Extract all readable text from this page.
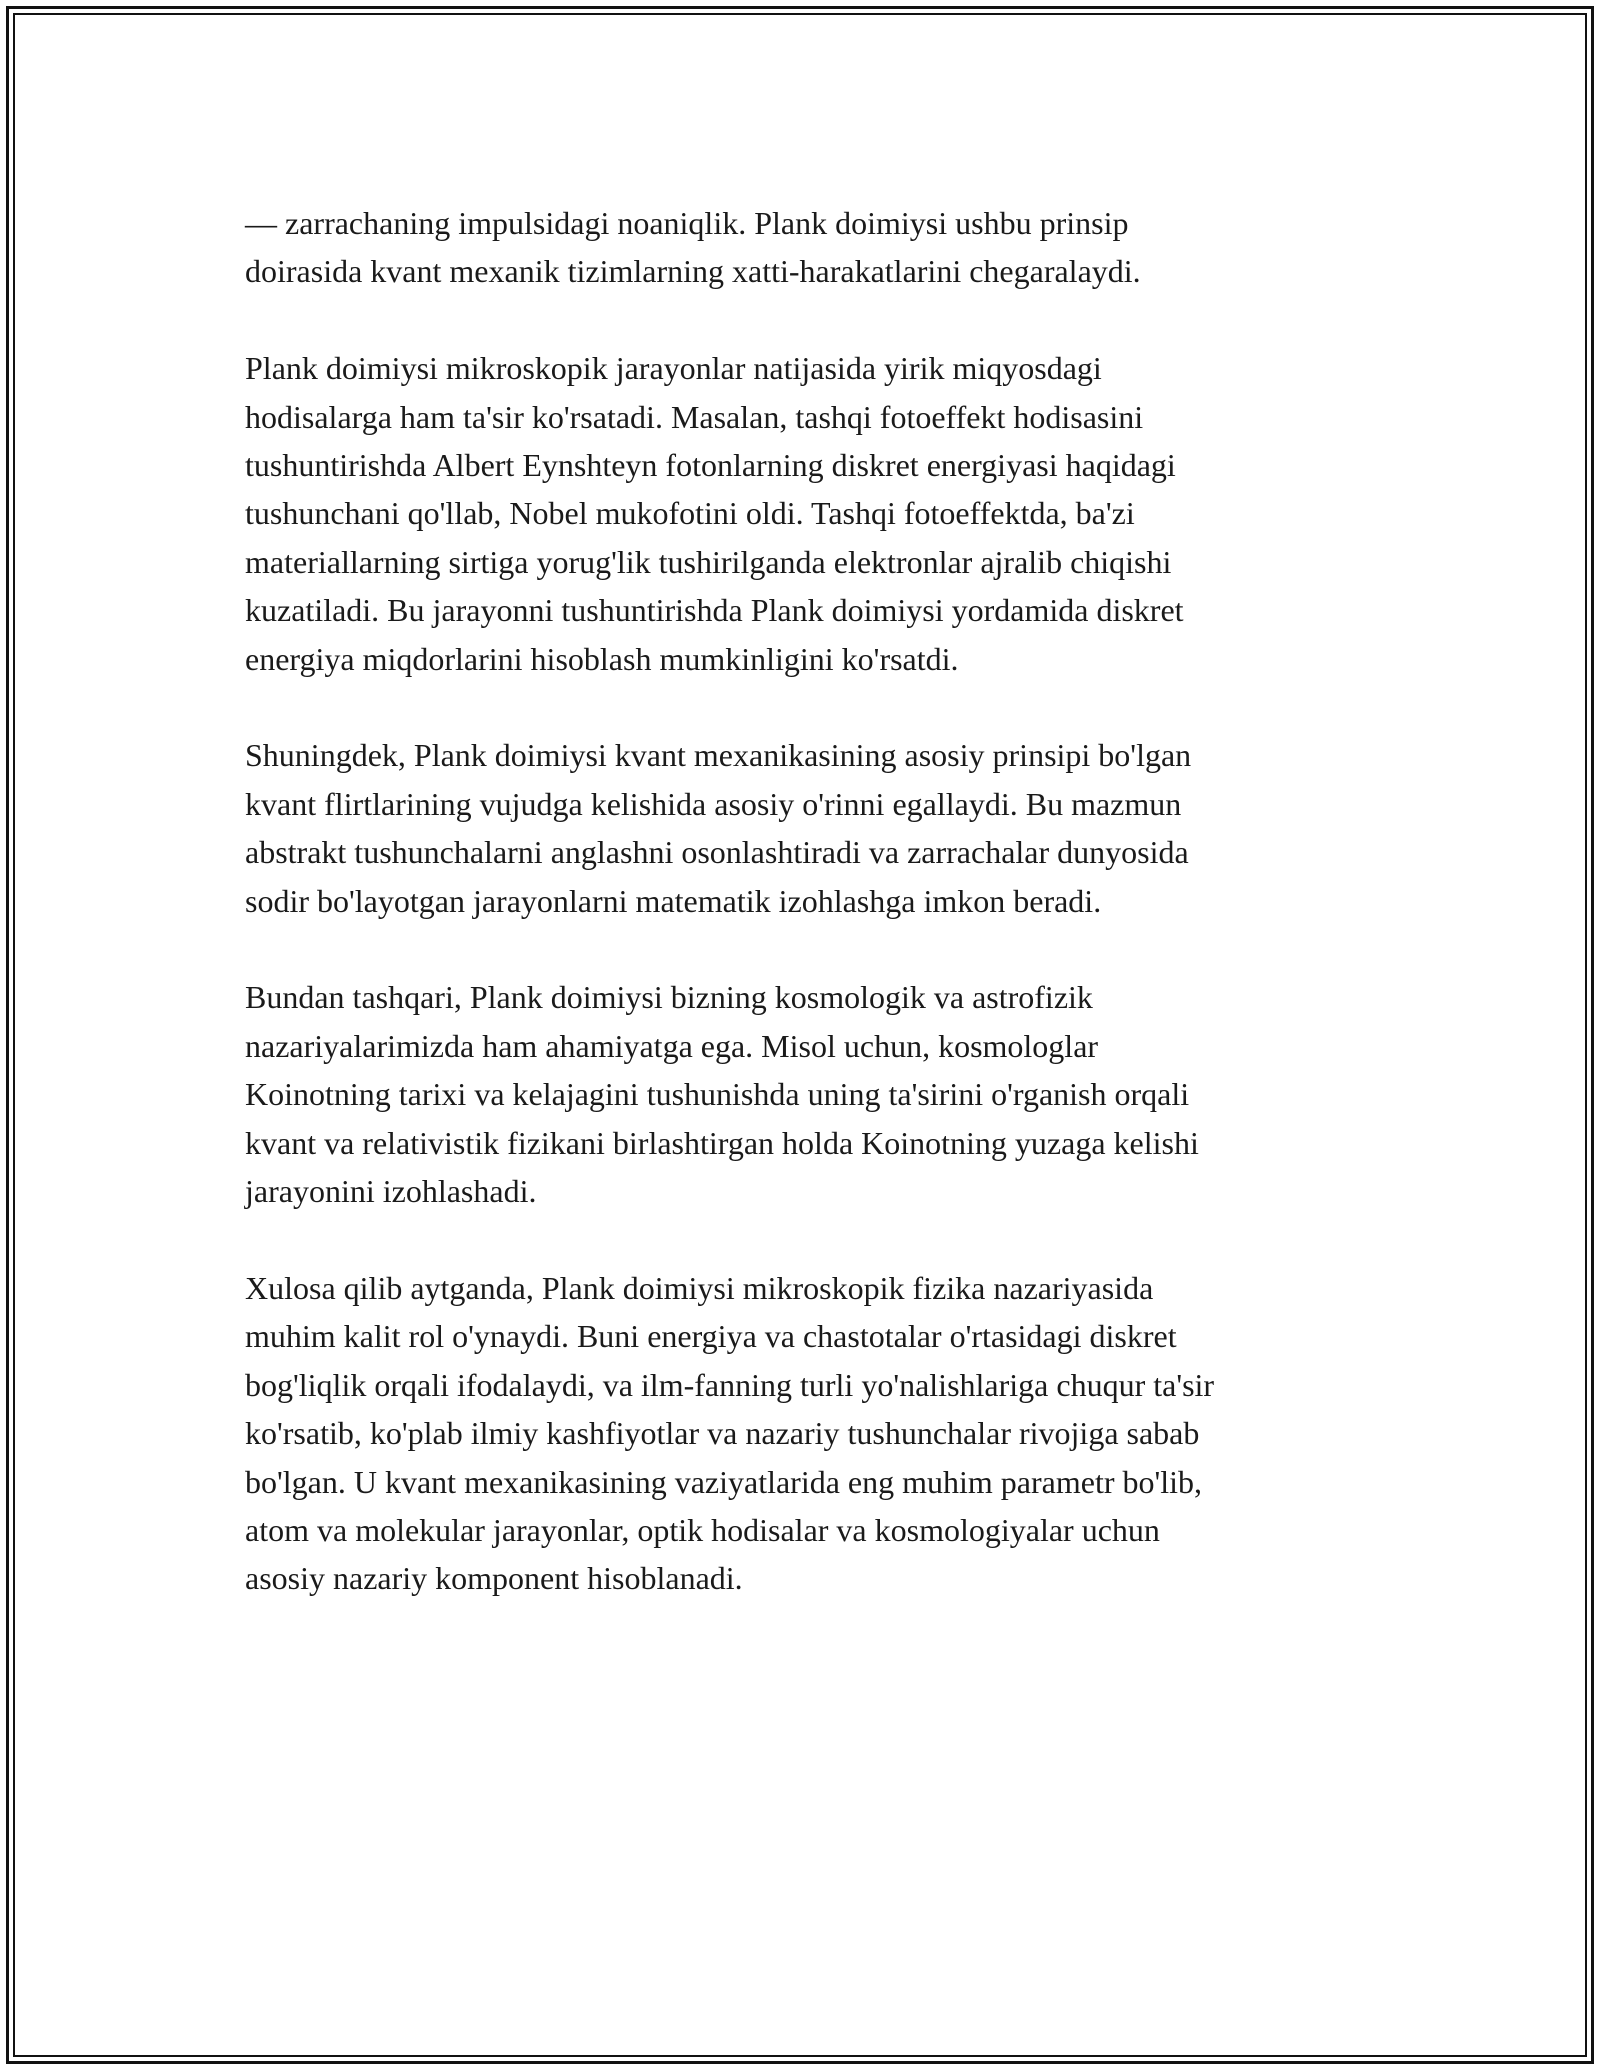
— zarrachaning impulsidagi noaniqlik. Plank doimiysi ushbu prinsip
doirasida kvant mexanik tizimlarning xatti-harakatlarini chegaralaydi.

Plank doimiysi mikroskopik jarayonlar natijasida yirik miqyosdagi
hodisalarga ham ta'sir ko'rsatadi. Masalan, tashqi fotoeffekt hodisasini
tushuntirishda Albert Eynshteyn fotonlarning diskret energiyasi haqidagi
tushunchani qo'llab, Nobel mukofotini oldi. Tashqi fotoeffektda, ba'zi
materiallarning sirtiga yorug'lik tushirilganda elektronlar ajralib chiqishi
kuzatiladi. Bu jarayonni tushuntirishda Plank doimiysi yordamida diskret
energiya miqdorlarini hisoblash mumkinligini ko'rsatdi.

Shuningdek, Plank doimiysi kvant mexanikasining asosiy prinsipi bo'lgan
kvant flirtlarining vujudga kelishida asosiy o'rinni egallaydi. Bu mazmun
abstrakt tushunchalarni anglashni osonlashtiradi va zarrachalar dunyosida
sodir bo'layotgan jarayonlarni matematik izohlashga imkon beradi.

Bundan tashqari, Plank doimiysi bizning kosmologik va astrofizik
nazariyalarimizda ham ahamiyatga ega. Misol uchun, kosmologlar
Koinotning tarixi va kelajagini tushunishda uning ta'sirini o'rganish orqali
kvant va relativistik fizikani birlashtirgan holda Koinotning yuzaga kelishi
jarayonini izohlashadi.

Xulosa qilib aytganda, Plank doimiysi mikroskopik fizika nazariyasida
muhim kalit rol o'ynaydi. Buni energiya va chastotalar o'rtasidagi diskret
bog'liqlik orqali ifodalaydi, va ilm-fanning turli yo'nalishlariga chuqur ta'sir
ko'rsatib, ko'plab ilmiy kashfiyotlar va nazariy tushunchalar rivojiga sabab
bo'lgan. U kvant mexanikasining vaziyatlarida eng muhim parametr bo'lib,
atom va molekular jarayonlar, optik hodisalar va kosmologiyalar uchun
asosiy nazariy komponent hisoblanadi.
